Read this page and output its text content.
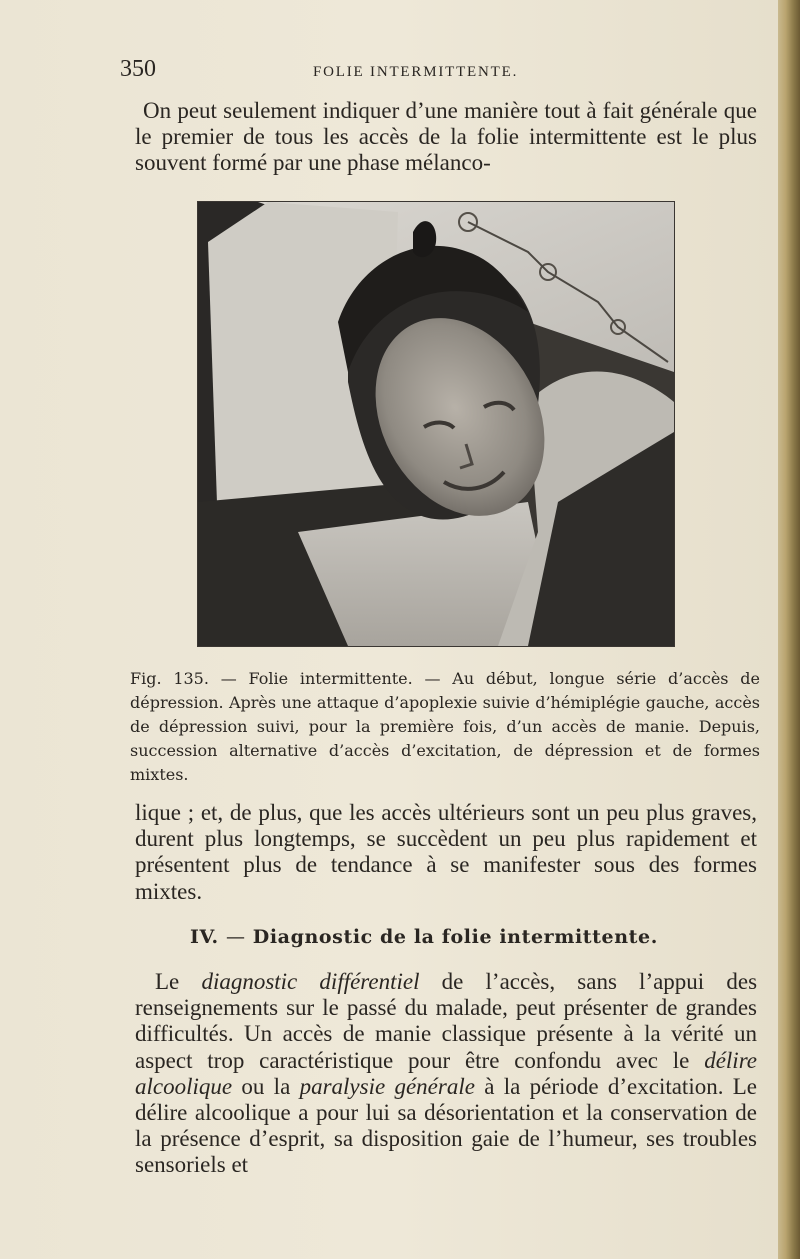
350	FOLIE INTERMITTENTE.

On peut seulement indiquer d’une manière tout à fait générale que le premier de tous les accès de la folie intermittente est le plus souvent formé par une phase mélanco-

Fig. 135. — Folie intermittente. — Au début, longue série d’accès de dépression. Après une attaque d’apoplexie suivie d’hémiplégie gauche, accès de dépression suivi, pour la première fois, d’un accès de manie. Depuis, succession alternative d’accès d’excitation, de dépression et de formes mixtes.

lique ; et, de plus, que les accès ultérieurs sont un peu plus graves, durent plus longtemps, se succèdent un peu plus rapidement et présentent plus de tendance à se manifester sous des formes mixtes.

IV. — Diagnostic de la folie intermittente.

Le diagnostic différentiel de l’accès, sans l’appui des renseignements sur le passé du malade, peut présenter de grandes difficultés. Un accès de manie classique présente à la vérité un aspect trop caractéristique pour être confondu avec le délire alcoolique ou la paralysie générale à la période d’excitation. Le délire alcoolique a pour lui sa désorientation et la conservation de la présence d’esprit, sa disposition gaie de l’humeur, ses troubles sensoriels et
